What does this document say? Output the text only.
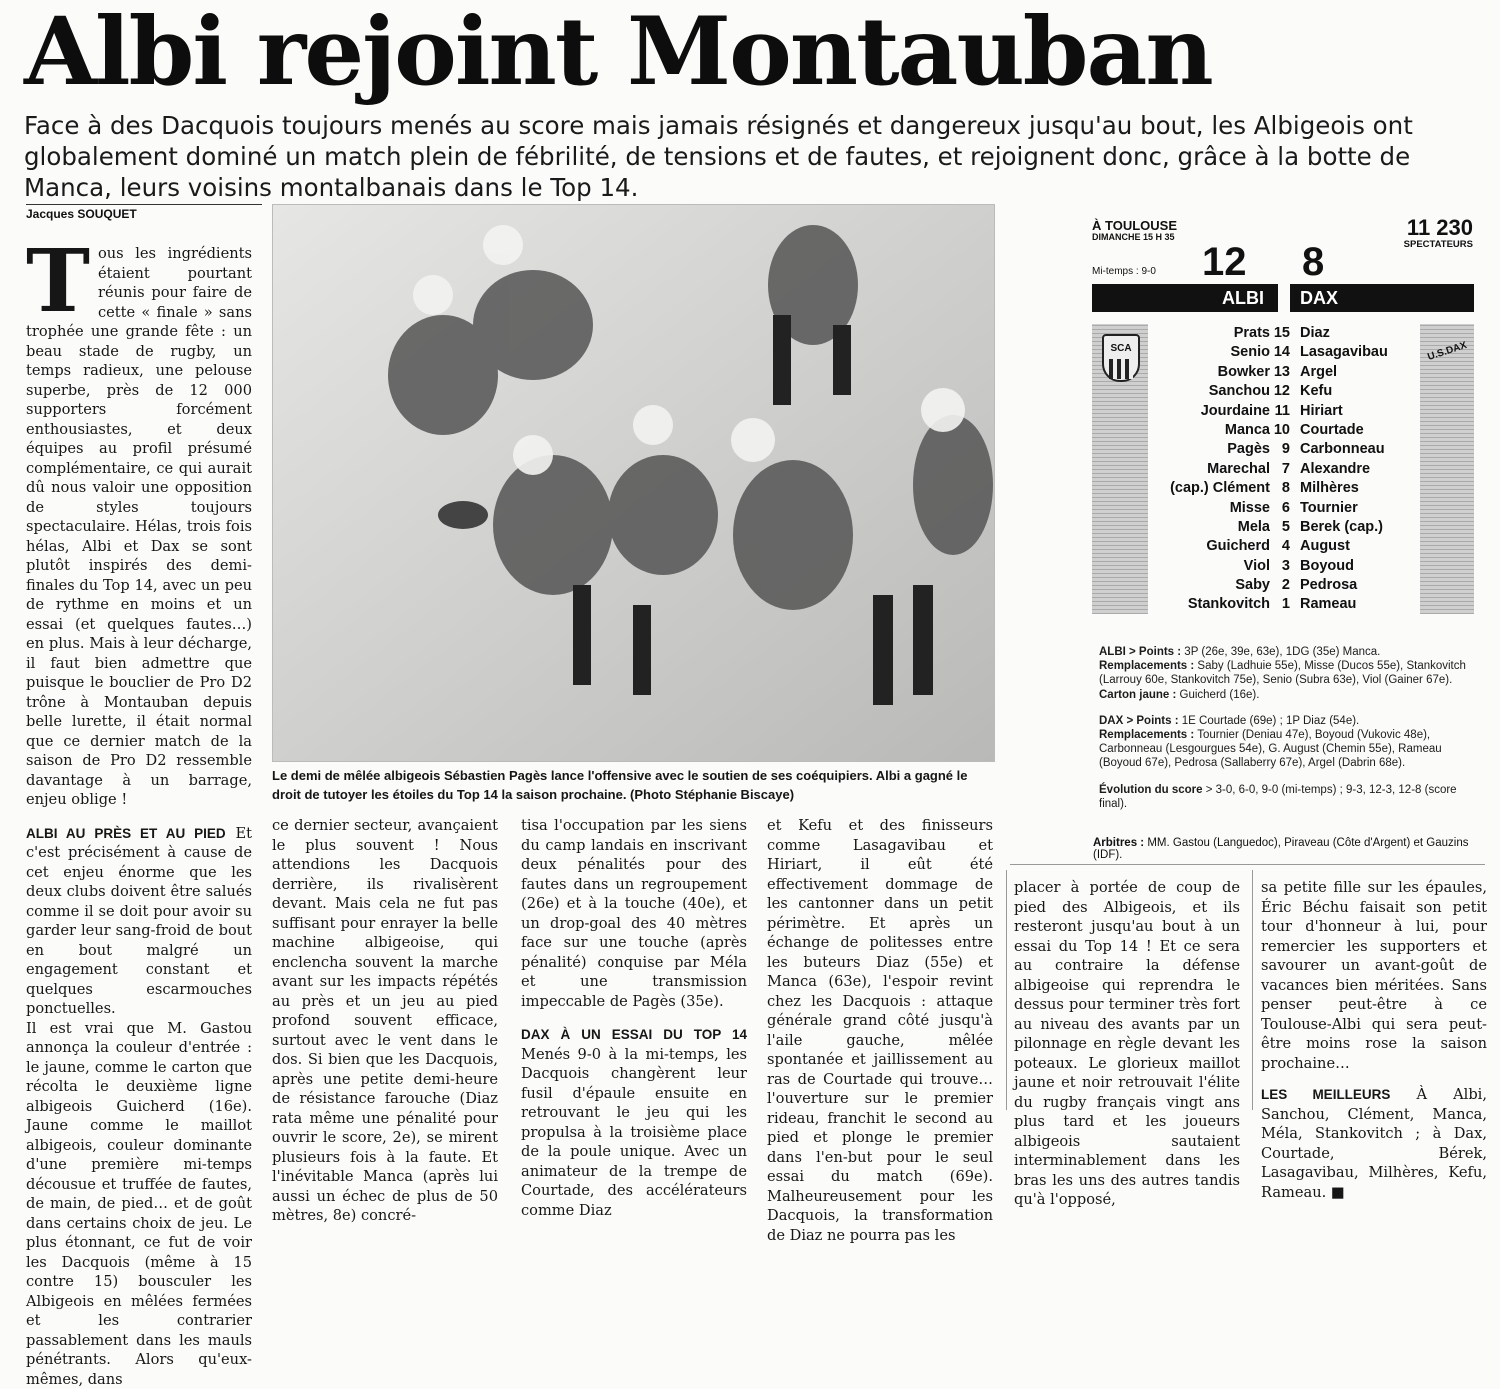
Albi rejoint Montauban
Face à des Dacquois toujours menés au score mais jamais résignés et dangereux jusqu'au bout, les Albigeois ont globalement dominé un match plein de fébrilité, de tensions et de fautes, et rejoignent donc, grâce à la botte de Manca, leurs voisins montalbanais dans le Top 14.
Jacques SOUQUET

T ous les ingrédients étaient pourtant réunis pour faire de cette « finale » sans trophée une grande fête : un beau stade de rugby, un temps radieux, une pelouse superbe, près de 12 000 supporters forcément enthousiastes, et deux équipes au profil présumé complémentaire, ce qui aurait dû nous valoir une opposition de styles toujours spectaculaire. Hélas, trois fois hélas, Albi et Dax se sont plutôt inspirés des demi-finales du Top 14, avec un peu de rythme en moins et un essai (et quelques fautes…) en plus. Mais à leur décharge, il faut bien admettre que puisque le bouclier de Pro D2 trône à Montauban depuis belle lurette, il était normal que ce dernier match de la saison de Pro D2 ressemble davantage à un barrage, enjeu oblige !

ALBI AU PRÈS ET AU PIED Et c'est précisément à cause de cet enjeu énorme que les deux clubs doivent être salués comme il se doit pour avoir su garder leur sang-froid de bout en bout malgré un engagement constant et quelques escarmouches ponctuelles.

Il est vrai que M. Gastou annonça la couleur d'entrée : le jaune, comme le carton que récolta le deuxième ligne albigeois Guicherd (16e). Jaune comme le maillot albigeois, couleur dominante d'une première mi-temps décousue et truffée de fautes, de main, de pied… et de goût dans certains choix de jeu. Le plus étonnant, ce fut de voir les Dacquois (même à 15 contre 15) bousculer les Albigeois en mêlées fermées et les contrarier passablement dans les mauls pénétrants. Alors qu'eux-mêmes, dans

Le demi de mêlée albigeois Sébastien Pagès lance l'offensive avec le soutien de ses coéquipiers. Albi a gagné le droit de tutoyer les étoiles du Top 14 la saison prochaine. (Photo Stéphanie Biscaye)
ce dernier secteur, avançaient le plus souvent ! Nous attendions les Dacquois derrière, ils rivalisèrent devant. Mais cela ne fut pas suffisant pour enrayer la belle machine albigeoise, qui enclencha souvent la marche avant sur les impacts répétés au près et un jeu au pied profond souvent efficace, surtout avec le vent dans le dos. Si bien que les Dacquois, après une petite demi-heure de résistance farouche (Diaz rata même une pénalité pour ouvrir le score, 2e), se mirent plusieurs fois à la faute. Et l'inévitable Manca (après lui aussi un échec de plus de 50 mètres, 8e) concré-

tisa l'occupation par les siens du camp landais en inscrivant deux pénalités pour des fautes dans un regroupement (26e) et à la touche (40e), et un drop-goal des 40 mètres face sur une touche (après pénalité) conquise par Méla et une transmission impeccable de Pagès (35e).

DAX À UN ESSAI DU TOP 14 Menés 9-0 à la mi-temps, les Dacquois changèrent leur fusil d'épaule ensuite en retrouvant le jeu qui les propulsa à la troisième place de la poule unique. Avec un animateur de la trempe de Courtade, des accélérateurs comme Diaz

et Kefu et des finisseurs comme Lasagavibau et Hiriart, il eût été effectivement dommage de les cantonner dans un petit périmètre. Et après un échange de politesses entre les buteurs Diaz (55e) et Manca (63e), l'espoir revint chez les Dacquois : attaque générale grand côté jusqu'à l'aile gauche, mêlée spontanée et jaillissement au ras de Courtade qui trouve… l'ouverture sur le premier rideau, franchit le second au pied et plonge le premier dans l'en-but pour le seul essai du match (69e). Malheureusement pour les Dacquois, la transformation de Diaz ne pourra pas les
placer à portée de coup de pied des Albigeois, et ils resteront jusqu'au bout à un essai du Top 14 ! Et ce sera au contraire la défense albigeoise qui reprendra le dessus pour terminer très fort au niveau des avants par un pilonnage en règle devant les poteaux. Le glorieux maillot jaune et noir retrouvait l'élite du rugby français vingt ans plus tard et les joueurs albigeois sautaient interminablement dans les bras les uns des autres tandis qu'à l'opposé,

sa petite fille sur les épaules, Éric Béchu faisait son petit tour d'honneur à lui, pour remercier les supporters et savourer un avant-goût de vacances bien méritées. Sans penser peut-être à ce Toulouse-Albi qui sera peut-être moins rose la saison prochaine…

LES MEILLEURS À Albi, Sanchou, Clément, Manca, Méla, Stankovitch ; à Dax, Courtade, Bérek, Lasagavibau, Milhères, Kefu, Rameau. ■

À TOULOUSE
DIMANCHE 15 H 35	11 230
SPECTATEURS
Mi-temps : 9-0 12 8
ALBI DAX
SCA	U.S.DAX
Prats 15 Diaz
Senio 14 Lasagavibau
Bowker 13 Argel
Sanchou 12 Kefu
Jourdaine 11 Hiriart
Manca 10 Courtade
Pagès 9 Carbonneau
Marechal 7 Alexandre
(cap.) Clément 8 Milhères
Misse 6 Tournier
Mela 5 Berek (cap.)
Guicherd 4 August
Viol 3 Boyoud
Saby 2 Pedrosa
Stankovitch 1 Rameau

ALBI > Points : 3P (26e, 39e, 63e), 1DG (35e) Manca.
Remplacements : Saby (Ladhuie 55e), Misse (Ducos 55e), Stankovitch (Larrouy 60e, Stankovitch 75e), Senio (Subra 63e), Viol (Gainer 67e).
Carton jaune : Guicherd (16e).

DAX > Points : 1E Courtade (69e) ; 1P Diaz (54e).
Remplacements : Tournier (Deniau 47e), Boyoud (Vukovic 48e), Carbonneau (Lesgourgues 54e), G. August (Chemin 55e), Rameau (Boyoud 67e), Pedrosa (Sallaberry 67e), Argel (Dabrin 68e).

Évolution du score > 3-0, 6-0, 9-0 (mi-temps) ; 9-3, 12-3, 12-8 (score final).

Arbitres : MM. Gastou (Languedoc), Piraveau (Côte d'Argent) et Gauzins (IDF).
